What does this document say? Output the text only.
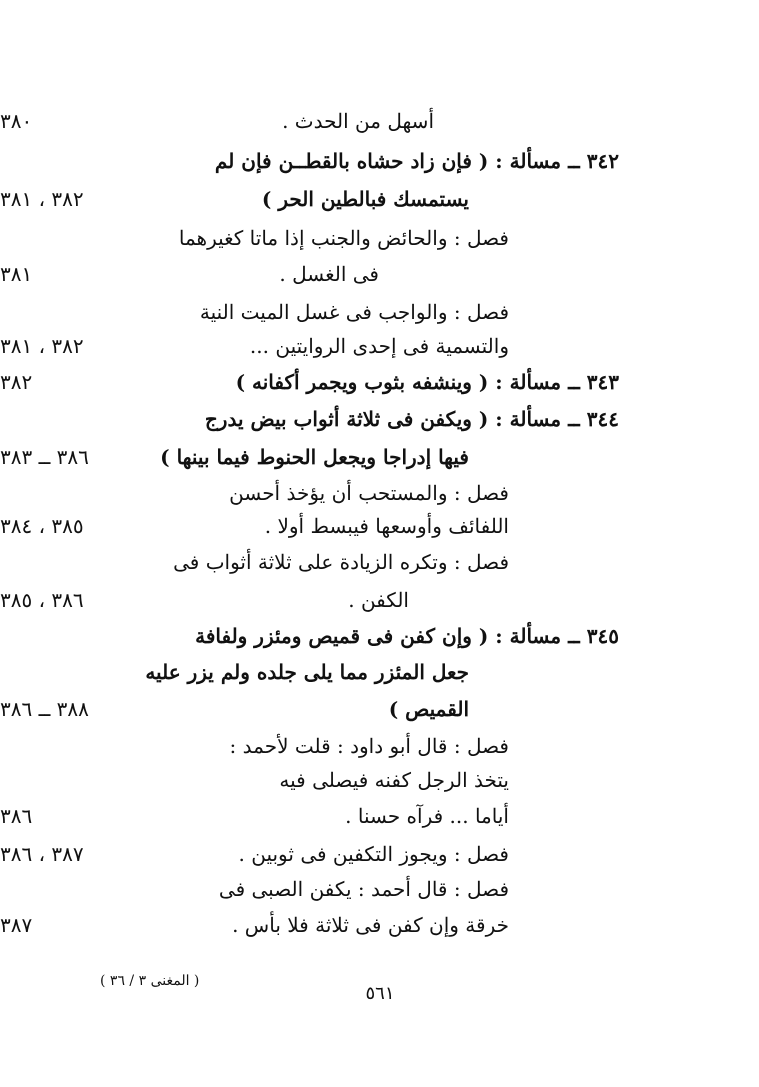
أسهل من الحدث .
٣٨٠
٣٤٢ ــ مسألة : ( فإن زاد حشاه بالقطــن فإن لم
يستمسك فبالطين الحر )
٣٨٢ ، ٣٨١
فصل : والحائض والجنب إذا ماتا كغيرهما
فى الغسل .
٣٨١
فصل : والواجب فى غسل الميت النية
والتسمية فى إحدى الروايتين ...
٣٨٢ ، ٣٨١
٣٤٣ ــ مسألة : ( وينشفه بثوب ويجمر أكفانه )
٣٨٢
٣٤٤ ــ مسألة : ( ويكفن فى ثلاثة أثواب بيض يدرج
فيها إدراجا ويجعل الحنوط فيما بينها )
٣٨٦ ــ ٣٨٣
فصل : والمستحب أن يؤخذ أحسن
اللفائف وأوسعها فيبسط أولا .
٣٨٥ ، ٣٨٤
فصل : وتكره الزيادة على ثلاثة أثواب فى
الكفن .
٣٨٦ ، ٣٨٥
٣٤٥ ــ مسألة : ( وإن كفن فى قميص ومئزر ولفافة
جعل المئزر مما يلى جلده ولم يزر عليه
القميص )
٣٨٨ ــ ٣٨٦
فصل : قال أبو داود : قلت لأحمد :
يتخذ الرجل كفنه فيصلى فيه
أياما ... فرآه حسنا .
٣٨٦
فصل : ويجوز التكفين فى ثوبين .
٣٨٧ ، ٣٨٦
فصل : قال أحمد : يكفن الصبى فى
خرقة وإن كفن فى ثلاثة فلا بأس .
٣٨٧
٥٦١
( المغنى ٣ / ٣٦ )
